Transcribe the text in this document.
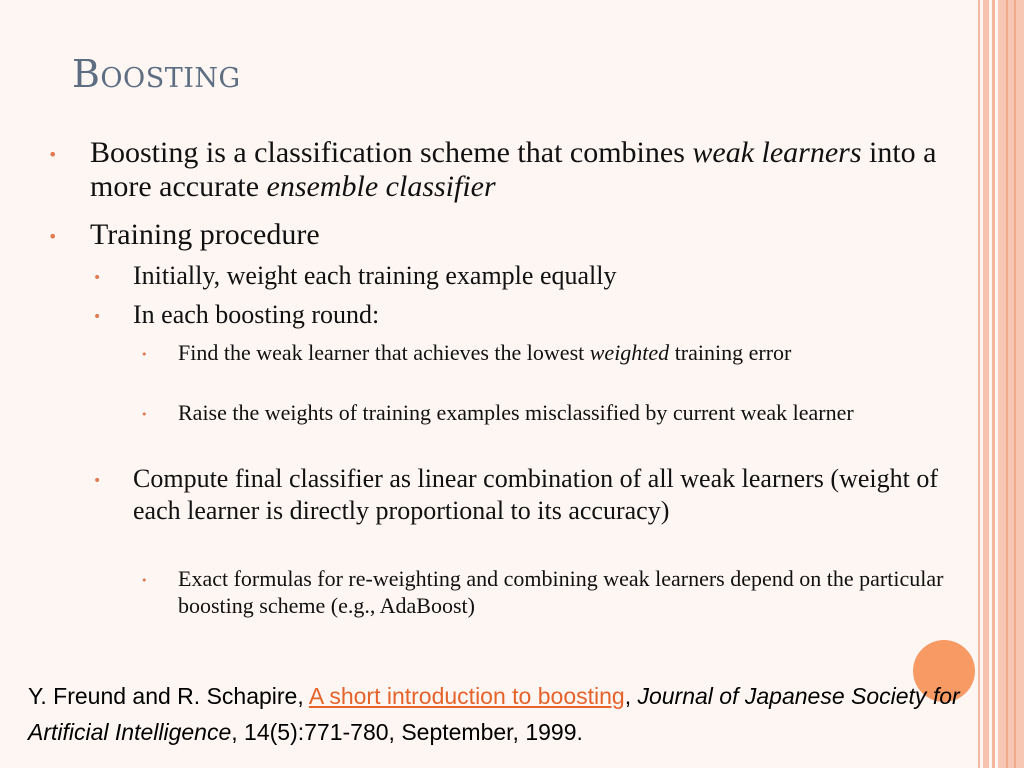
Boosting
• Boosting is a classification scheme that combines weak learners into a more accurate ensemble classifier
• Training procedure
• Initially, weight each training example equally
• In each boosting round:
• Find the weak learner that achieves the lowest weighted training error
• Raise the weights of training examples misclassified by current weak learner
• Compute final classifier as linear combination of all weak learners (weight of each learner is directly proportional to its accuracy)
• Exact formulas for re-weighting and combining weak learners depend on the particular boosting scheme (e.g., AdaBoost)
Y. Freund and R. Schapire, A short introduction to boosting, Journal of Japanese Society for Artificial Intelligence, 14(5):771-780, September, 1999.
